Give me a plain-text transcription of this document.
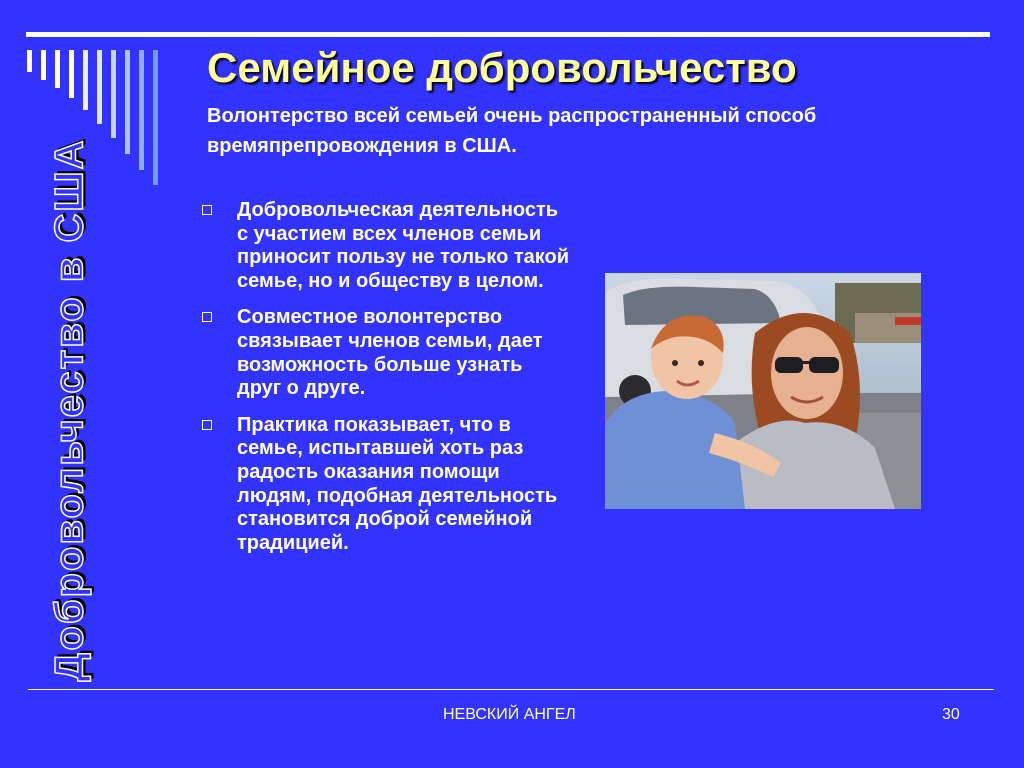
Добровольчество в США
Семейное добровольчество
Волонтерство всей семьей очень распространенный способ времяпрепровождения в США.
Добровольческая деятельность с участием всех членов семьи приносит пользу не только такой семье, но и обществу в целом.
Совместное волонтерство связывает членов семьи, дает возможность больше узнать друг о друге.
Практика показывает, что в семье, испытавшей хоть раз радость оказания помощи людям, подобная деятельность становится доброй семейной традицией.
НЕВСКИЙ АНГЕЛ	30
